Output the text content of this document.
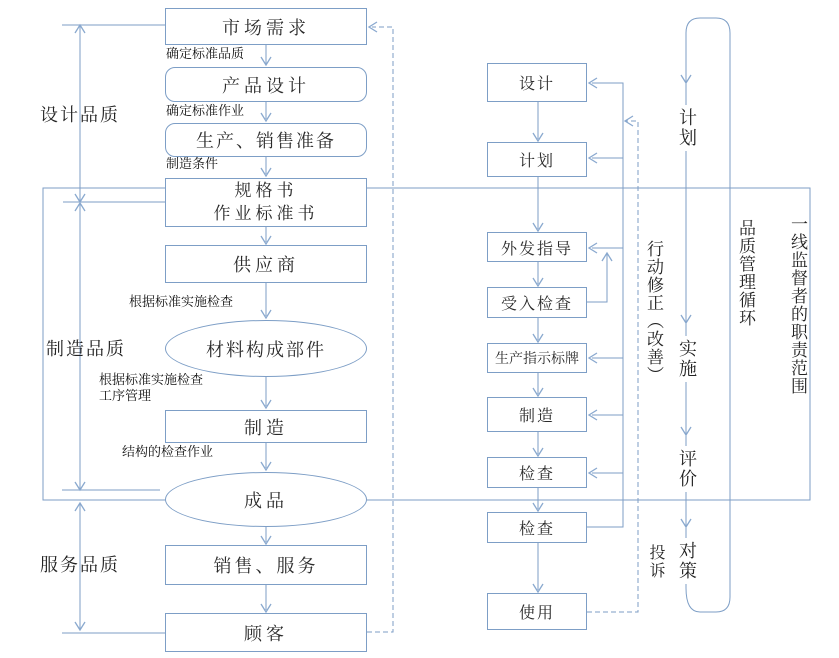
市场需求
产品设计
生产、销售准备
规格书
作业标准书
供应商
材料构成部件
制造
成品
销售、服务
顾客
确定标准品质
确定标准作业
制造条件
根据标准实施检查
根据标准实施检查
工序管理
结构的检查作业
设计品质
制造品质
服务品质
设计
计划
外发指导
受入检查
生产指示标牌
制造
检查
检查
使用
行动修正（改善）
投诉
计划
实施
评价
对策
品质管理循环 一线监督者的职责范围
